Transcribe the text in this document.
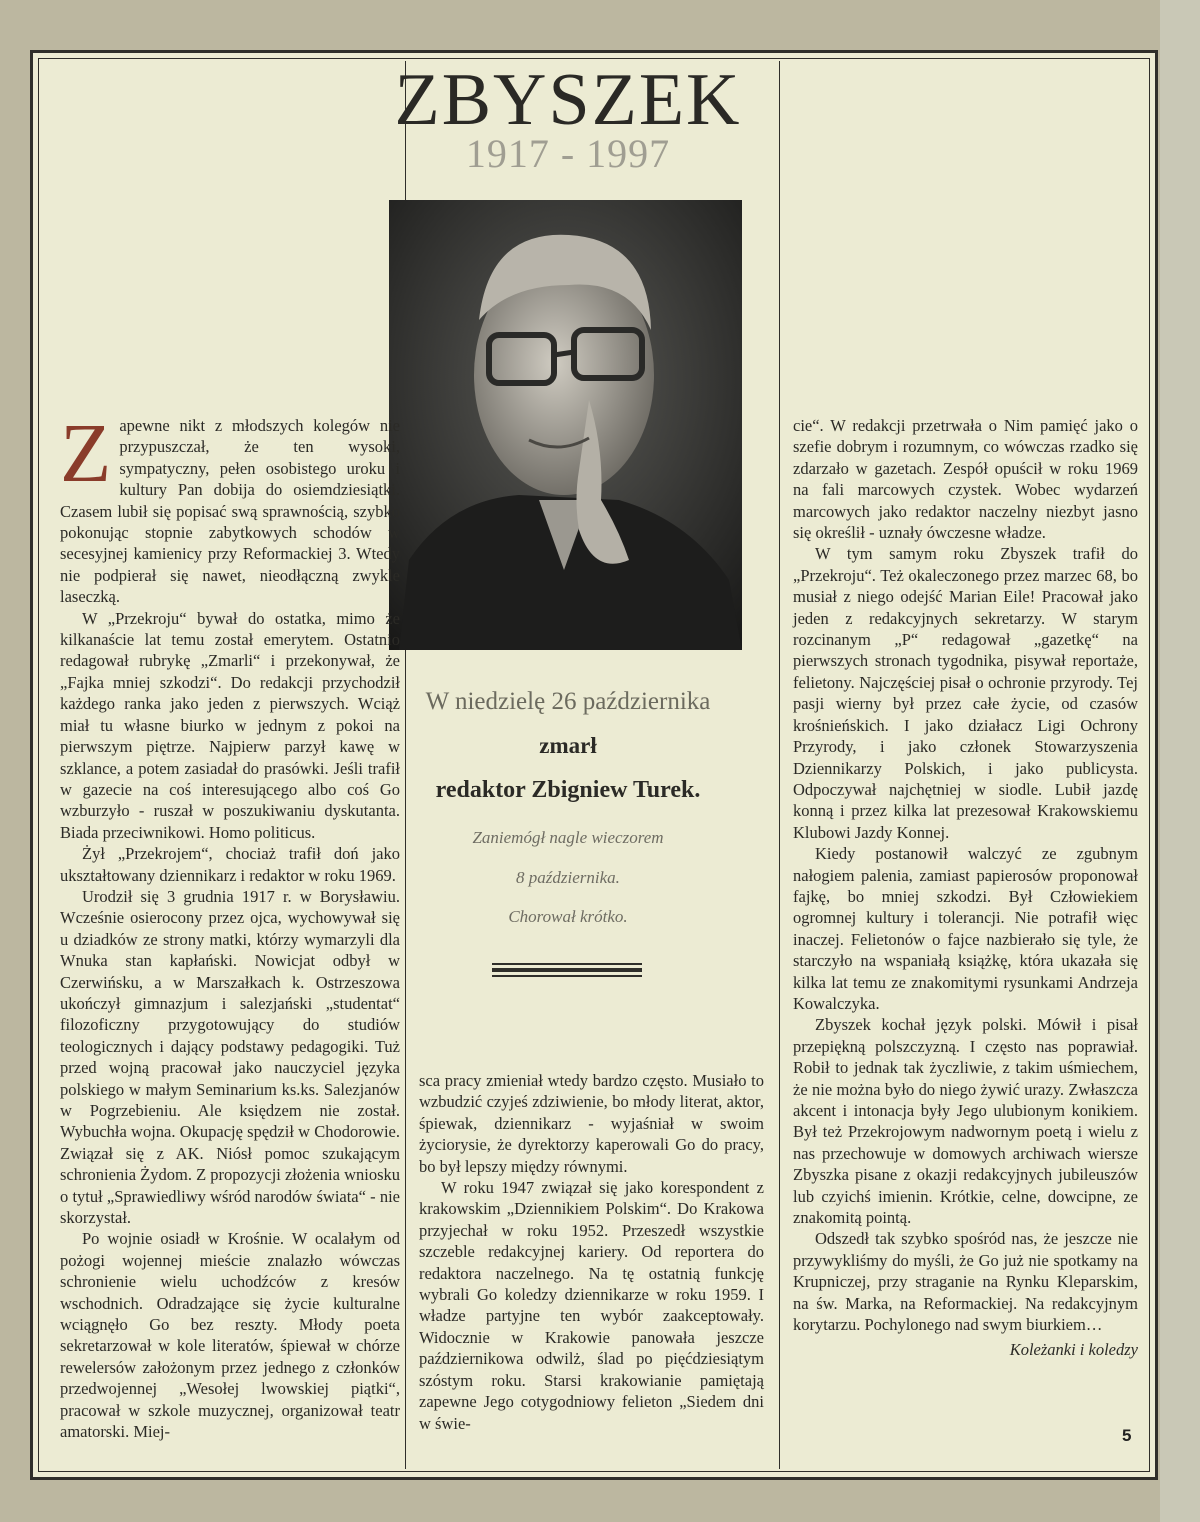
ZBYSZEK
1917 - 1997
W niedzielę 26 października
zmarł
redaktor Zbigniew Turek.
Zaniemógł nagle wieczorem
8 października.
Chorował krótko.

Zapewne nikt z młodszych kolegów nie przypuszczał, że ten wysoki, sympatyczny, pełen osobistego uroku i kultury Pan dobija do osiemdziesiątki. Czasem lubił się popisać swą sprawnością, szybko pokonując stopnie zabytkowych schodów w secesyjnej kamienicy przy Reformackiej 3. Wtedy nie podpierał się nawet, nieodłączną zwykle laseczką.

W „Przekroju“ bywał do ostatka, mimo że kilkanaście lat temu został emerytem. Ostatnio redagował rubrykę „Zmarli“ i przekonywał, że „Fajka mniej szkodzi“. Do redakcji przychodził każdego ranka jako jeden z pierwszych. Wciąż miał tu własne biurko w jednym z pokoi na pierwszym piętrze. Najpierw parzył kawę w szklance, a potem zasiadał do prasówki. Jeśli trafił w gazecie na coś interesującego albo coś Go wzburzyło - ruszał w poszukiwaniu dyskutanta. Biada przeciwnikowi. Homo politicus.

Żył „Przekrojem“, chociaż trafił doń jako ukształtowany dziennikarz i redaktor w roku 1969.

Urodził się 3 grudnia 1917 r. w Borysławiu. Wcześnie osierocony przez ojca, wychowywał się u dziadków ze strony matki, którzy wymarzyli dla Wnuka stan kapłański. Nowicjat odbył w Czerwińsku, a w Marszałkach k. Ostrzeszowa ukończył gimnazjum i salezjański „studentat“ filozoficzny przygotowujący do studiów teologicznych i dający podstawy pedagogiki. Tuż przed wojną pracował jako nauczyciel języka polskiego w małym Seminarium ks.ks. Salezjanów w Pogrzebieniu. Ale księdzem nie został. Wybuchła wojna. Okupację spędził w Chodorowie. Związał się z AK. Niósł pomoc szukającym schronienia Żydom. Z propozycji złożenia wniosku o tytuł „Sprawiedliwy wśród narodów świata“ - nie skorzystał.

Po wojnie osiadł w Krośnie. W ocalałym od pożogi wojennej mieście znalazło wówczas schronienie wielu uchodźców z kresów wschodnich. Odradzające się życie kulturalne wciągnęło Go bez reszty. Młody poeta sekretarzował w kole literatów, śpiewał w chórze rewelersów założonym przez jednego z członków przedwojennej „Wesołej lwowskiej piątki“, pracował w szkole muzycznej, organizował teatr amatorski. Miej-

sca pracy zmieniał wtedy bardzo często. Musiało to wzbudzić czyjeś zdziwienie, bo młody literat, aktor, śpiewak, dziennikarz - wyjaśniał w swoim życiorysie, że dyrektorzy kaperowali Go do pracy, bo był lepszy między równymi.

W roku 1947 związał się jako korespondent z krakowskim „Dziennikiem Polskim“. Do Krakowa przyjechał w roku 1952. Przeszedł wszystkie szczeble redakcyjnej kariery. Od reportera do redaktora naczelnego. Na tę ostatnią funkcję wybrali Go koledzy dziennikarze w roku 1959. I władze partyjne ten wybór zaakceptowały. Widocznie w Krakowie panowała jeszcze październikowa odwilż, ślad po pięćdziesiątym szóstym roku. Starsi krakowianie pamiętają zapewne Jego cotygodniowy felieton „Siedem dni w świe-

cie“. W redakcji przetrwała o Nim pamięć jako o szefie dobrym i rozumnym, co wówczas rzadko się zdarzało w gazetach. Zespół opuścił w roku 1969 na fali marcowych czystek. Wobec wydarzeń marcowych jako redaktor naczelny niezbyt jasno się określił - uznały ówczesne władze.

W tym samym roku Zbyszek trafił do „Przekroju“. Też okaleczonego przez marzec 68, bo musiał z niego odejść Marian Eile! Pracował jako jeden z redakcyjnych sekretarzy. W starym rozcinanym „P“ redagował „gazetkę“ na pierwszych stronach tygodnika, pisywał reportaże, felietony. Najczęściej pisał o ochronie przyrody. Tej pasji wierny był przez całe życie, od czasów krośnieńskich. I jako działacz Ligi Ochrony Przyrody, i jako członek Stowarzyszenia Dziennikarzy Polskich, i jako publicysta. Odpoczywał najchętniej w siodle. Lubił jazdę konną i przez kilka lat prezesował Krakowskiemu Klubowi Jazdy Konnej.

Kiedy postanowił walczyć ze zgubnym nałogiem palenia, zamiast papierosów proponował fajkę, bo mniej szkodzi. Był Człowiekiem ogromnej kultury i tolerancji. Nie potrafił więc inaczej. Felietonów o fajce nazbierało się tyle, że starczyło na wspaniałą książkę, która ukazała się kilka lat temu ze znakomitymi rysunkami Andrzeja Kowalczyka.

Zbyszek kochał język polski. Mówił i pisał przepiękną polszczyzną. I często nas poprawiał. Robił to jednak tak życzliwie, z takim uśmiechem, że nie można było do niego żywić urazy. Zwłaszcza akcent i intonacja były Jego ulubionym konikiem. Był też Przekrojowym nadwornym poetą i wielu z nas przechowuje w domowych archiwach wiersze Zbyszka pisane z okazji redakcyjnych jubileuszów lub czyichś imienin. Krótkie, celne, dowcipne, ze znakomitą pointą.

Odszedł tak szybko spośród nas, że jeszcze nie przywykliśmy do myśli, że Go już nie spotkamy na Krupniczej, przy straganie na Rynku Kleparskim, na św. Marka, na Reformackiej. Na redakcyjnym korytarzu. Pochylonego nad swym biurkiem…

Koleżanki i koledzy
5
